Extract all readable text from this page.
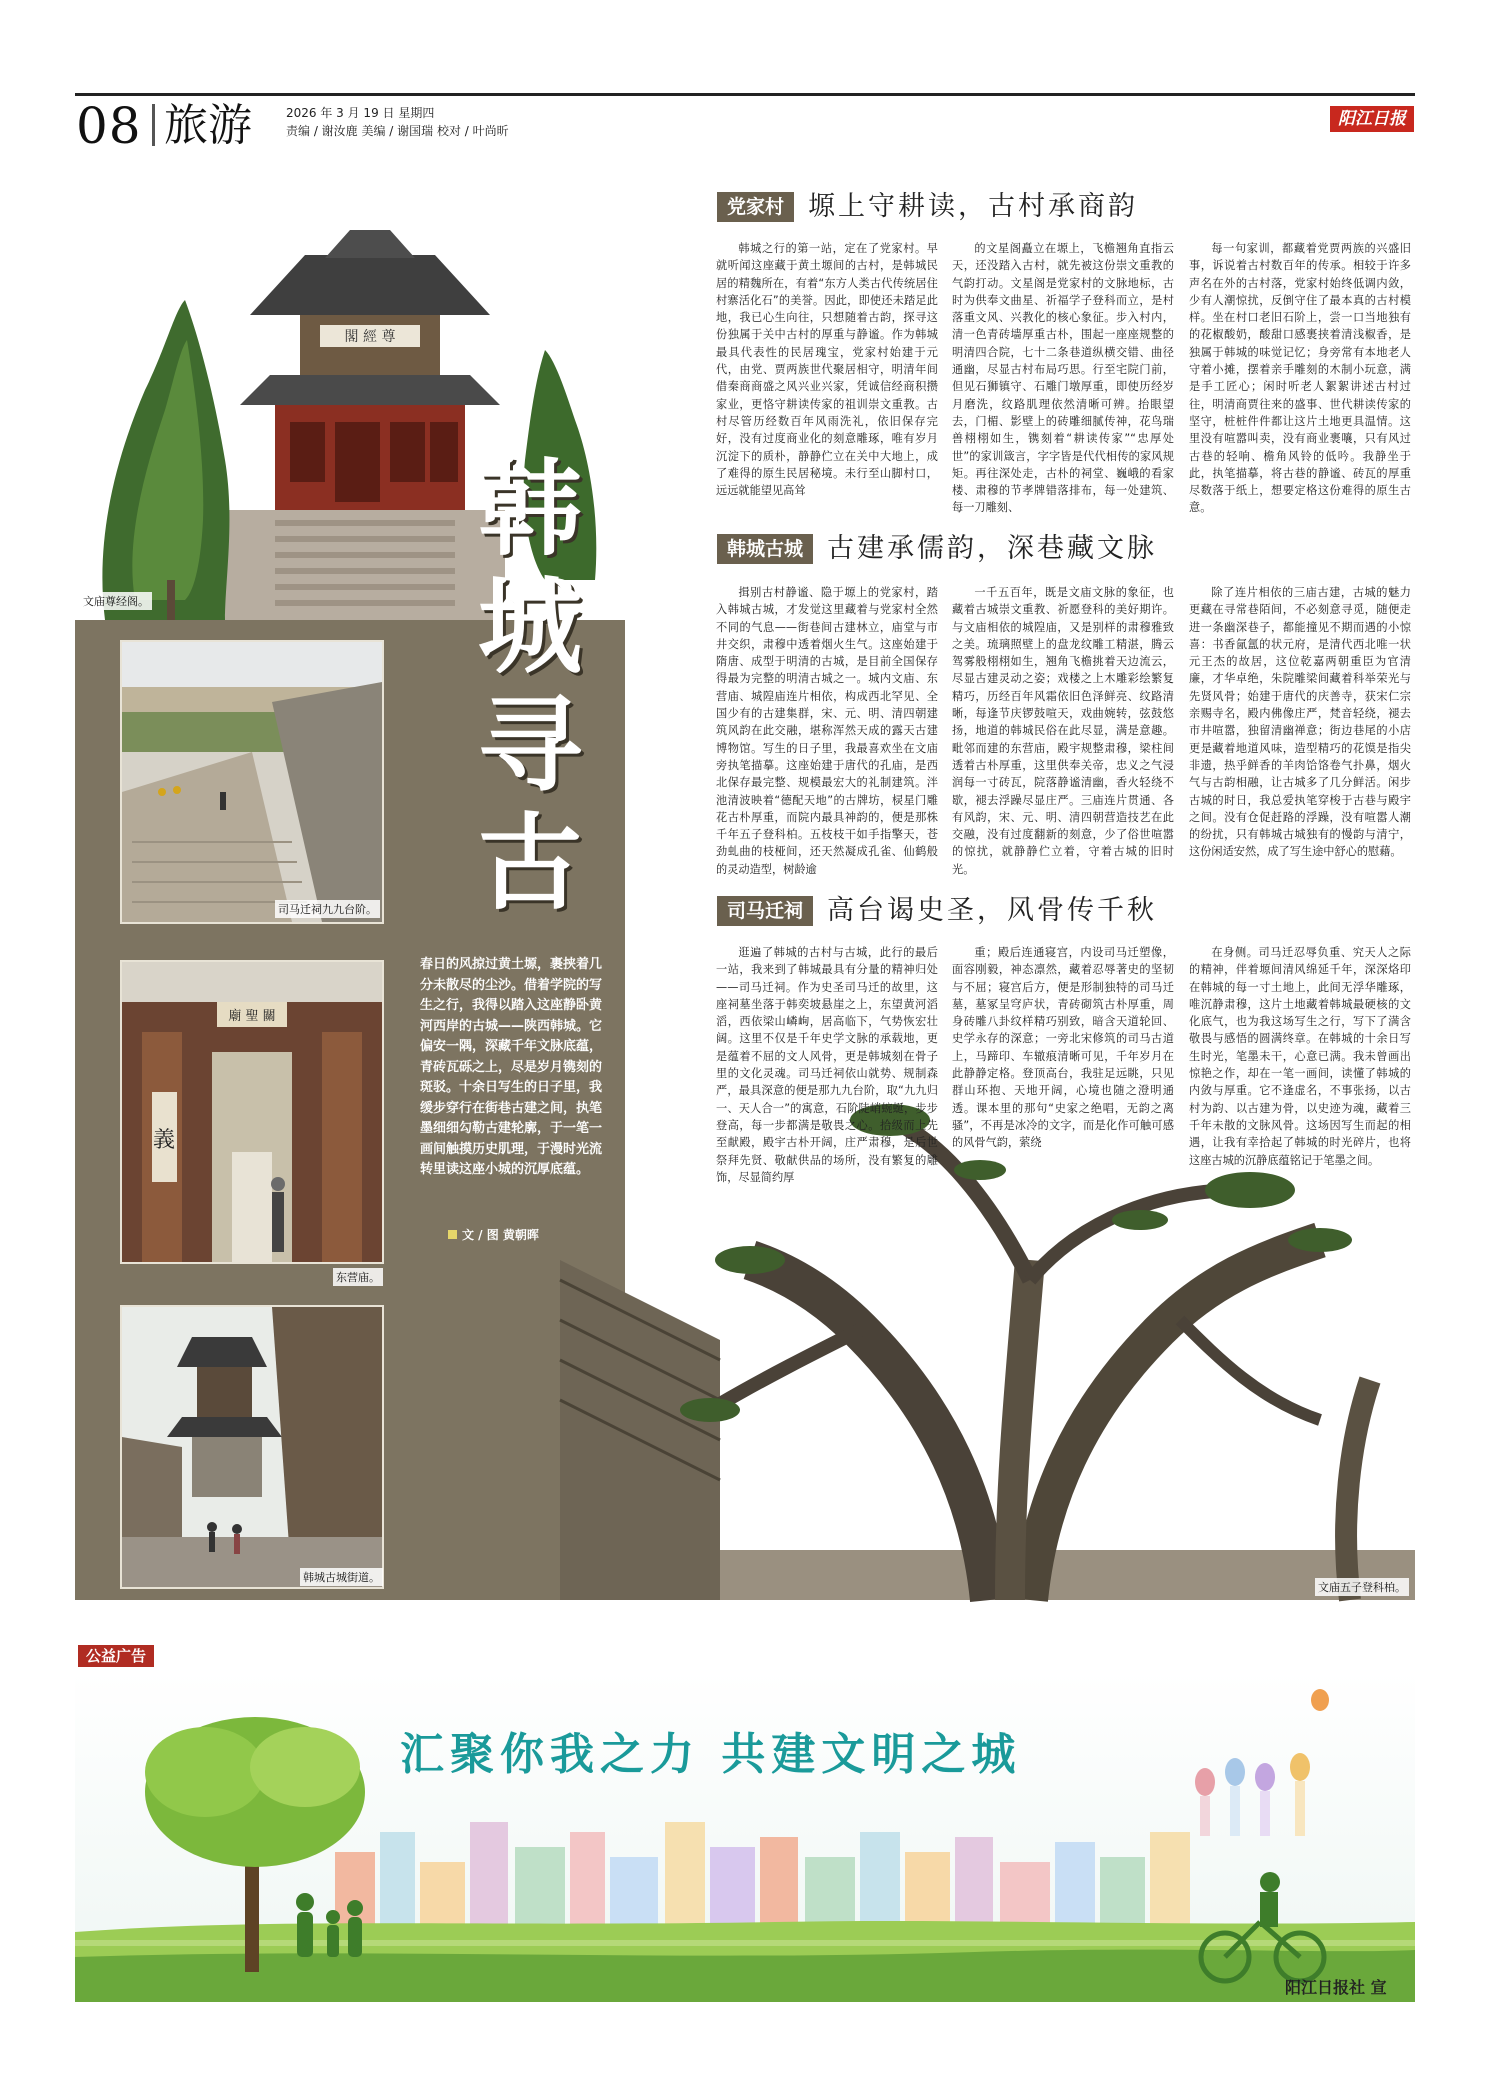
08 旅游	2026 年 3 月 19 日 星期四
责编 / 谢汝鹿 美编 / 谢国瑞 校对 / 叶尚昕
阳江日报
閣 經 尊
文庙尊经阁。
韩城寻古
司马迁祠九九台阶。
廟 聖 關
義
东营庙。
韩城古城街道。
春日的风掠过黄土塬，裹挟着几分未散尽的尘沙。借着学院的写生之行，我得以踏入这座静卧黄河西岸的古城——陕西韩城。它偏安一隅，深藏千年文脉底蕴，青砖瓦砾之上，尽是岁月镌刻的斑驳。十余日写生的日子里，我缓步穿行在街巷古建之间，执笔墨细细勾勒古建轮廓，于一笔一画间触摸历史肌理，于漫时光流转里读这座小城的沉厚底蕴。
文 / 图 黄朝晖
党家村 塬上守耕读，古村承商韵
韩城之行的第一站，定在了党家村。早就听闻这座藏于黄土塬间的古村，是韩城民居的精魏所在，有着“东方人类古代传统居住村寨活化石”的美誉。因此，即使还未踏足此地，我已心生向往，只想随着古韵，探寻这份独属于关中古村的厚重与静谧。作为韩城最具代表性的民居瑰宝，党家村始建于元代，由党、贾两族世代聚居相守，明清年间借秦商商盛之风兴业兴家，凭诚信经商积攒家业，更恪守耕读传家的祖训崇文重教。古村尽管历经数百年风雨洗礼，依旧保存完好，没有过度商业化的刻意雕琢，唯有岁月沉淀下的质朴，静静伫立在关中大地上，成了难得的原生民居秘境。未行至山脚村口，远远就能望见高耸
的文星阁矗立在塬上，飞檐翘角直指云天，还没踏入古村，就先被这份崇文重教的气韵打动。文星阁是党家村的文脉地标，古时为供奉文曲星、祈福学子登科而立，是村落重文风、兴教化的核心象征。步入村内，清一色青砖墙厚重古朴，围起一座座规整的明清四合院，七十二条巷道纵横交错、曲径通幽，尽显古村布局巧思。行至宅院门前，但见石狮镇守、石雕门墩厚重，即使历经岁月磨洗，纹路肌理依然清晰可辨。抬眼望去，门楣、影壁上的砖雕细腻传神，花鸟瑞兽栩栩如生，镌刻着“耕读传家”“忠厚处世”的家训箴言，字字皆是代代相传的家风规矩。再往深处走，古朴的祠堂、巍峨的看家楼、肃穆的节孝牌错落排布，每一处建筑、每一刀雕刻、
每一句家训，都藏着党贾两族的兴盛旧事，诉说着古村数百年的传承。相较于许多声名在外的古村落，党家村始终低调内敛，少有人潮惊扰，反倒守住了最本真的古村模样。坐在村口老旧石阶上，尝一口当地独有的花椒酸奶，酸甜口感裹挟着清浅椒香，是独属于韩城的味觉记忆；身旁常有本地老人守着小摊，摆着亲手雕刻的木制小玩意，满是手工匠心；闲时听老人絮絮讲述古村过往，明清商贾往来的盛事、世代耕读传家的坚守，桩桩件件都让这片土地更具温情。这里没有喧嚣叫卖，没有商业裹嚷，只有风过古巷的轻响、檐角风铃的低吟。我静坐于此，执笔描摹，将古巷的静谧、砖瓦的厚重尽数落于纸上，想要定格这份难得的原生古意。
韩城古城 古建承儒韵，深巷藏文脉
揖别古村静谧、隐于塬上的党家村，踏入韩城古城，才发觉这里藏着与党家村全然不同的气息——街巷间古建林立，庙堂与市井交织，肃穆中透着烟火生气。这座始建于隋唐、成型于明清的古城，是目前全国保存得最为完整的明清古城之一。城内文庙、东营庙、城隍庙连片相依，构成西北罕见、全国少有的古建集群，宋、元、明、清四朝建筑风韵在此交融，堪称浑然天成的露天古建博物馆。写生的日子里，我最喜欢坐在文庙旁执笔描摹。这座始建于唐代的孔庙，是西北保存最完整、规模最宏大的礼制建筑。泮池清波映着“德配天地”的古牌坊，棂星门雕花古朴厚重，而院内最具神韵的，便是那株千年五子登科柏。五枝枝干如手指擎天，苍劲虬曲的枝桠间，还天然凝成孔雀、仙鹤般的灵动造型，树龄逾
一千五百年，既是文庙文脉的象征，也藏着古城崇文重教、祈愿登科的美好期许。与文庙相依的城隍庙，又是别样的肃穆雅致之美。琉璃照壁上的盘龙纹雕工精湛，腾云驾雾般栩栩如生，翘角飞檐挑着天边流云，尽显古建灵动之姿；戏楼之上木雕彩绘繁复精巧，历经百年风霜依旧色泽鲜亮、纹路清晰，每逢节庆锣鼓喧天，戏曲婉转，弦鼓悠扬，地道的韩城民俗在此尽显，满是意趣。毗邻而建的东营庙，殿宇规整肃穆，梁柱间透着古朴厚重，这里供奉关帝，忠义之气浸润每一寸砖瓦，院落静谧清幽，香火轻绕不歇，褪去浮躁尽显庄严。三庙连片贯通、各有风韵，宋、元、明、清四朝营造技艺在此交融，没有过度翻新的刻意，少了俗世喧嚣的惊扰，就静静伫立着，守着古城的旧时光。
除了连片相依的三庙古建，古城的魅力更藏在寻常巷陌间，不必刻意寻觅，随便走进一条幽深巷子，都能撞见不期而遇的小惊喜：书香氤氲的状元府，是清代西北唯一状元王杰的故居，这位乾嘉两朝重臣为官清廉，才华卓绝，朱院雕梁间藏着科举荣光与先贤风骨；始建于唐代的庆善寺，获宋仁宗亲赐寺名，殿内佛像庄严，梵音轻绕，褪去市井喧嚣，独留清幽禅意；街边巷尾的小店更是藏着地道风味，造型精巧的花馍是指尖非遗，热乎鲜香的羊肉饸饹卷气扑鼻，烟火气与古韵相融，让古城多了几分鲜活。闲步古城的时日，我总爱执笔穿梭于古巷与殿宇之间。没有仓促赶路的浮躁，没有喧嚣人潮的纷扰，只有韩城古城独有的慢韵与清宁，这份闲适安然，成了写生途中舒心的慰藉。
文庙五子登科柏。
司马迁祠 高台谒史圣，风骨传千秋
逛遍了韩城的古村与古城，此行的最后一站，我来到了韩城最具有分量的精神归处——司马迁祠。作为史圣司马迁的故里，这座祠墓坐落于韩奕坡悬崖之上，东望黄河滔滔，西依梁山嶙峋，居高临下，气势恢宏壮阔。这里不仅是千年史学文脉的承载地，更是蕴着不屈的文人风骨，更是韩城刻在骨子里的文化灵魂。司马迁祠依山就势、规制森严，最具深意的便是那九九台阶，取“九九归一、天人合一”的寓意，石阶陡峭蜿蜒，步步登高，每一步都满是敬畏之心。拾级而上先至献殿，殿宇古朴开阔，庄严肃穆，是后世祭拜先贤、敬献供品的场所，没有繁复的雕饰，尽显简约厚
重；殿后连通寝宫，内设司马迁塑像，面容刚毅，神态凛然，藏着忍辱著史的坚韧与不屈；寝宫后方，便是形制独特的司马迁墓，墓冢呈穹庐状，青砖砌筑古朴厚重，周身砖雕八卦纹样精巧别致，暗含天道轮回、史学永存的深意；一旁北宋修筑的司马古道上，马蹄印、车辙痕清晰可见，千年岁月在此静静定格。登顶高台，我驻足远眺，只见群山环抱、天地开阔，心境也随之澄明通透。课本里的那句“史家之绝唱，无韵之离骚”，不再是冰冷的文字，而是化作可触可感的风骨气韵，萦绕
在身侧。司马迁忍辱负重、究天人之际的精神，伴着塬间清风绵延千年，深深烙印在韩城的每一寸土地上，此间无浮华雕琢，唯沉静肃穆，这片土地藏着韩城最硬核的文化底气，也为我这场写生之行，写下了满含敬畏与感悟的圆满终章。在韩城的十余日写生时光，笔墨未干，心意已满。我未曾画出惊艳之作，却在一笔一画间，读懂了韩城的内敛与厚重。它不逢虚名，不事张扬，以古村为韵、以古建为骨，以史迹为魂，藏着三千年未散的文脉风骨。这场因写生而起的相遇，让我有幸拾起了韩城的时光碎片，也将这座古城的沉静底蕴铭记于笔墨之间。
公益广告
汇聚你我之力 共建文明之城
阳江日报社 宣
